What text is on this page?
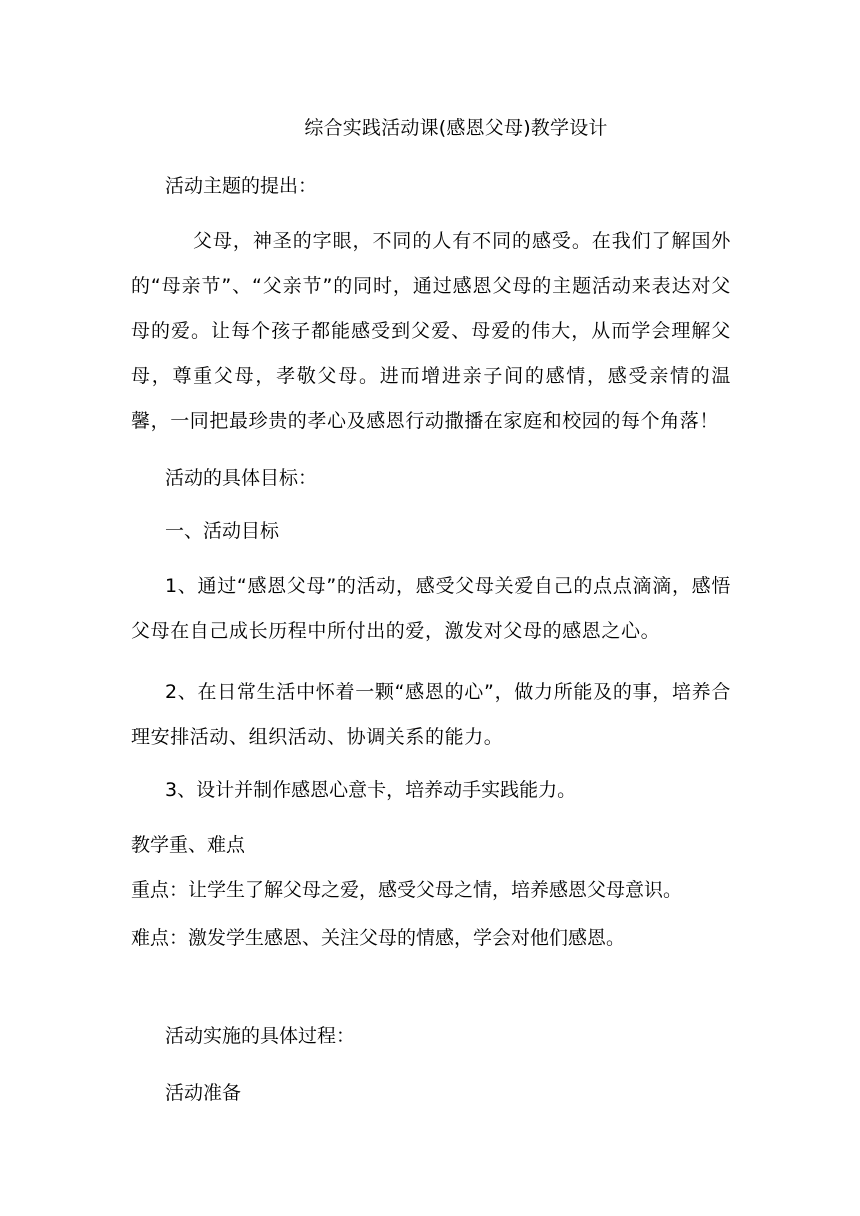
综合实践活动课(感恩父母)教学设计
活动主题的提出：
父母，神圣的字眼，不同的人有不同的感受。在我们了解国外的“母亲节”、“父亲节”的同时，通过感恩父母的主题活动来表达对父母的爱。让每个孩子都能感受到父爱、母爱的伟大，从而学会理解父母，尊重父母，孝敬父母。进而增进亲子间的感情，感受亲情的温馨，一同把最珍贵的孝心及感恩行动撒播在家庭和校园的每个角落！
活动的具体目标：
一、活动目标
1、通过“感恩父母”的活动，感受父母关爱自己的点点滴滴，感悟父母在自己成长历程中所付出的爱，激发对父母的感恩之心。
2、在日常生活中怀着一颗“感恩的心”，做力所能及的事，培养合理安排活动、组织活动、协调关系的能力。
3、设计并制作感恩心意卡，培养动手实践能力。
教学重、难点
重点：让学生了解父母之爱，感受父母之情，培养感恩父母意识。
难点：激发学生感恩、关注父母的情感，学会对他们感恩。
活动实施的具体过程：
活动准备
